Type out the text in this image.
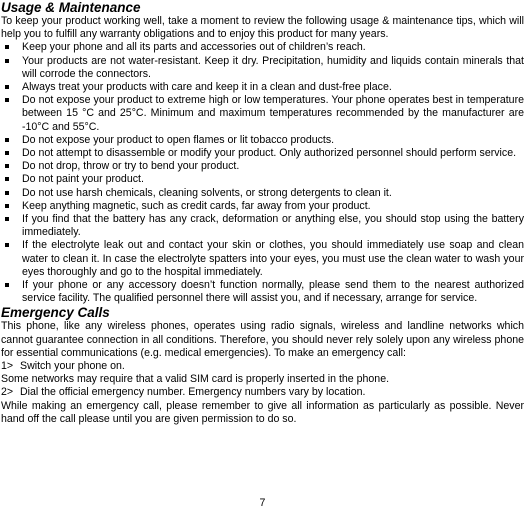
Usage & Maintenance

To keep your product working well, take a moment to review the following usage & maintenance tips, which will help you to fulfill any warranty obligations and to enjoy this product for many years.

Keep your phone and all its parts and accessories out of children’s reach.
Your products are not water-resistant. Keep it dry. Precipitation, humidity and liquids contain minerals that will corrode the connectors.
Always treat your products with care and keep it in a clean and dust-free place.
Do not expose your product to extreme high or low temperatures. Your phone operates best in temperature between 15 °C and 25°C. Minimum and maximum temperatures recommended by the manufacturer are -10°C and 55°C.
Do not expose your product to open flames or lit tobacco products.
Do not attempt to disassemble or modify your product. Only authorized personnel should perform service.
Do not drop, throw or try to bend your product.
Do not paint your product.
Do not use harsh chemicals, cleaning solvents, or strong detergents to clean it.
Keep anything magnetic, such as credit cards, far away from your product.
If you find that the battery has any crack, deformation or anything else, you should stop using the battery immediately.
If the electrolyte leak out and contact your skin or clothes, you should immediately use soap and clean water to clean it. In case the electrolyte spatters into your eyes, you must use the clean water to wash your eyes thoroughly and go to the hospital immediately.
If your phone or any accessory doesn’t function normally, please send them to the nearest authorized service facility. The qualified personnel there will assist you, and if necessary, arrange for service.
Emergency Calls

This phone, like any wireless phones, operates using radio signals, wireless and landline networks which cannot guarantee connection in all conditions. Therefore, you should never rely solely upon any wireless phone for essential communications (e.g. medical emergencies). To make an emergency call:

1> Switch your phone on.

Some networks may require that a valid SIM card is properly inserted in the phone.

2> Dial the official emergency number. Emergency numbers vary by location.

While making an emergency call, please remember to give all information as particularly as possible. Never hand off the call please until you are given permission to do so.

7
